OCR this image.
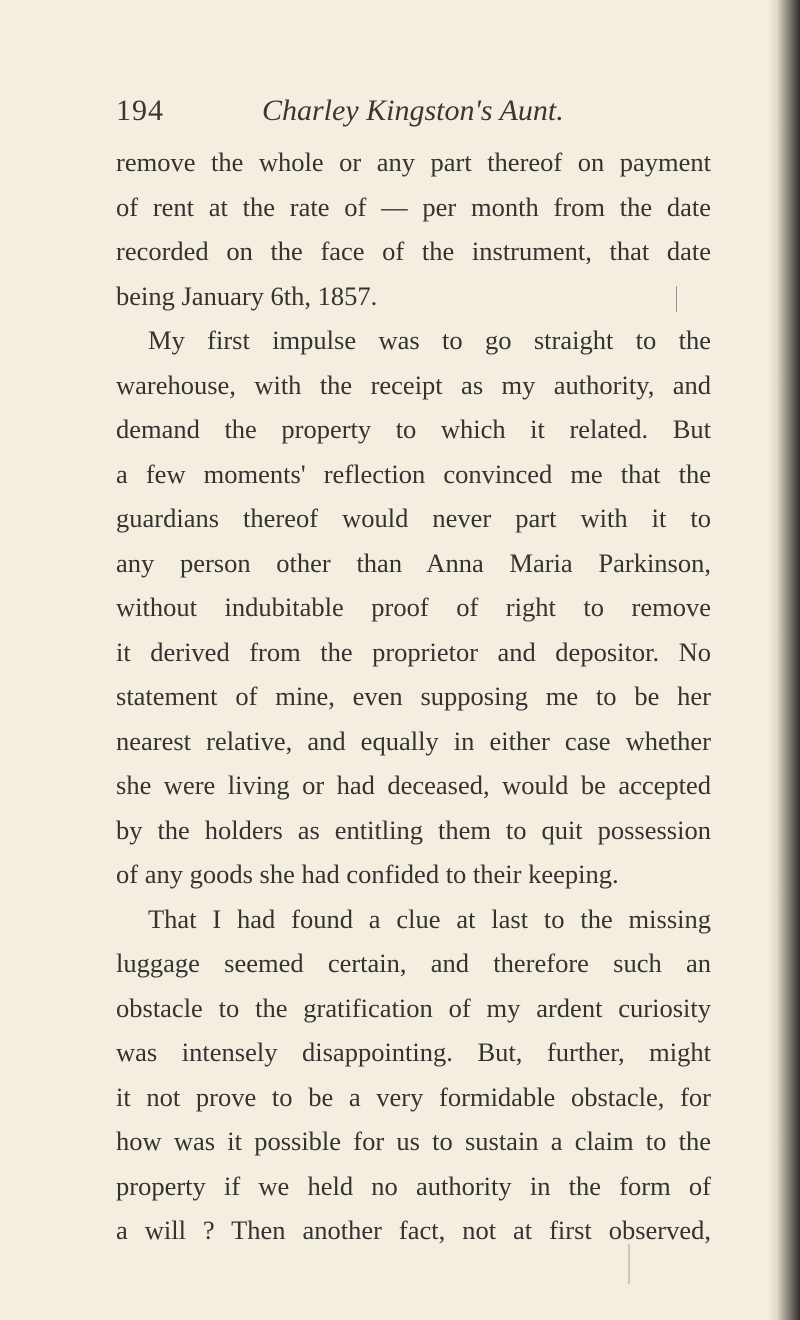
194	Charley Kingston's Aunt.
remove the whole or any part thereof on payment
of rent at the rate of — per month from the date
recorded on the face of the instrument, that date
being January 6th, 1857.
My first impulse was to go straight to the
warehouse, with the receipt as my authority, and
demand the property to which it related. But
a few moments' reflection convinced me that the
guardians thereof would never part with it to
any person other than Anna Maria Parkinson,
without indubitable proof of right to remove
it derived from the proprietor and depositor. No
statement of mine, even supposing me to be her
nearest relative, and equally in either case whether
she were living or had deceased, would be accepted
by the holders as entitling them to quit possession
of any goods she had confided to their keeping.
That I had found a clue at last to the missing
luggage seemed certain, and therefore such an
obstacle to the gratification of my ardent curiosity
was intensely disappointing. But, further, might
it not prove to be a very formidable obstacle, for
how was it possible for us to sustain a claim to the
property if we held no authority in the form of
a will ? Then another fact, not at first observed,
